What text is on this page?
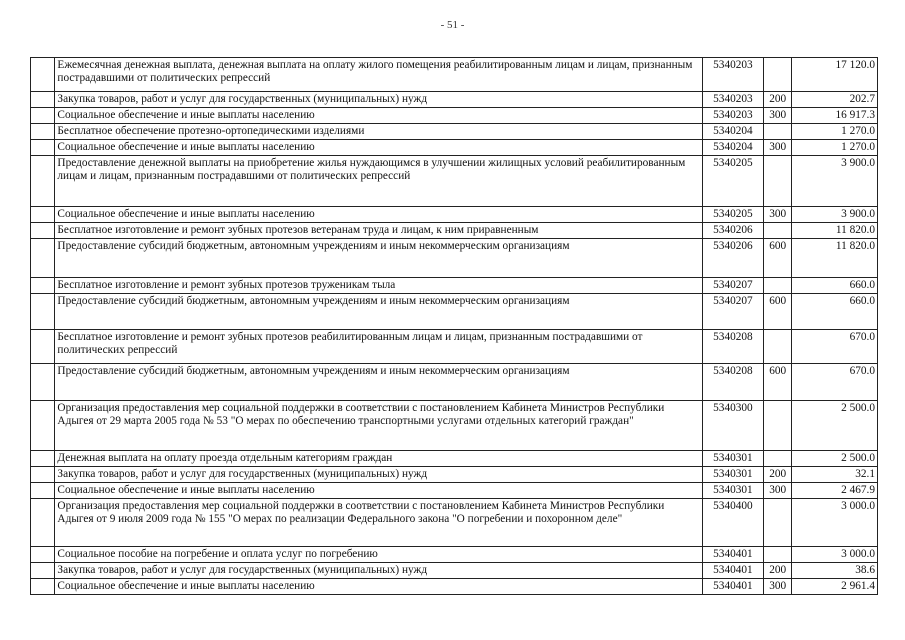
- 51 -
	Ежемесячная денежная выплата, денежная выплата на оплату жилого помещения реабилитированным лицам и лицам, признанным пострадавшими от политических репрессий	5340203		17 120.0
	Закупка товаров, работ и услуг для государственных (муниципальных) нужд	5340203	200	202.7
	Социальное обеспечение и иные выплаты населению	5340203	300	16 917.3
	Бесплатное обеспечение протезно-ортопедическими изделиями	5340204		1 270.0
	Социальное обеспечение и иные выплаты населению	5340204	300	1 270.0
	Предоставление денежной выплаты на приобретение жилья нуждающимся в улучшении жилищных условий реабилитированным лицам и лицам, признанным пострадавшими от политических репрессий	5340205		3 900.0
	Социальное обеспечение и иные выплаты населению	5340205	300	3 900.0
	Бесплатное изготовление и ремонт зубных протезов ветеранам труда и лицам, к ним приравненным	5340206		11 820.0
	Предоставление субсидий бюджетным, автономным учреждениям и иным некоммерческим организациям	5340206	600	11 820.0
	Бесплатное изготовление и ремонт зубных протезов труженикам тыла	5340207		660.0
	Предоставление субсидий бюджетным, автономным учреждениям и иным некоммерческим организациям	5340207	600	660.0
	Бесплатное изготовление и ремонт зубных протезов реабилитированным лицам и лицам, признанным пострадавшими от политических репрессий	5340208		670.0
	Предоставление субсидий бюджетным, автономным учреждениям и иным некоммерческим организациям	5340208	600	670.0
	Организация предоставления мер социальной поддержки в соответствии с постановлением Кабинета Министров Республики Адыгея от 29 марта 2005 года № 53 "О мерах по обеспечению транспортными услугами отдельных категорий граждан"	5340300		2 500.0
	Денежная выплата на оплату проезда отдельным категориям граждан	5340301		2 500.0
	Закупка товаров, работ и услуг для государственных (муниципальных) нужд	5340301	200	32.1
	Социальное обеспечение и иные выплаты населению	5340301	300	2 467.9
	Организация предоставления мер социальной поддержки в соответствии с постановлением Кабинета Министров Республики Адыгея от 9 июля 2009 года № 155 "О мерах по реализации Федерального закона "О погребении и похоронном деле"	5340400		3 000.0
	Социальное пособие на погребение и оплата услуг по погребению	5340401		3 000.0
	Закупка товаров, работ и услуг для государственных (муниципальных) нужд	5340401	200	38.6
	Социальное обеспечение и иные выплаты населению	5340401	300	2 961.4
